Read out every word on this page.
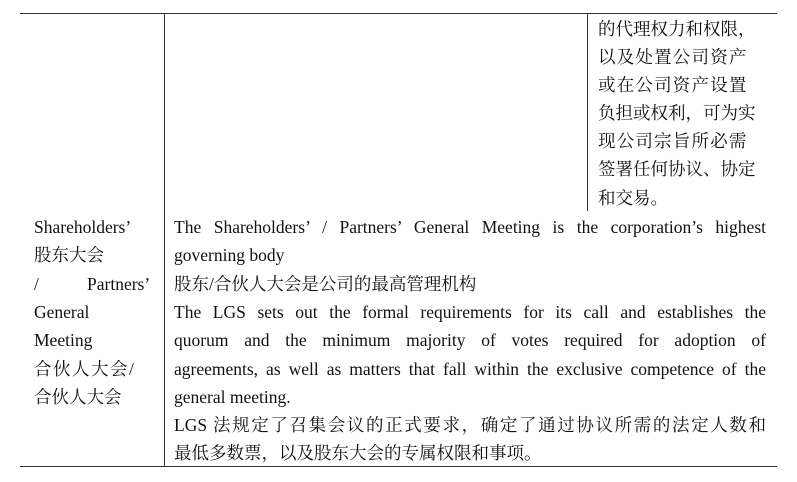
的代理权力和权限，
以及处置公司资产
或在公司资产设置
负担或权利，可为实
现公司宗旨所必需
签署任何协议、协定
和交易。
Shareholders’
股东大会
/	Partners’
General
Meeting
合伙人大会/
合伙人大会
The Shareholders’ / Partners’ General Meeting is the corporation’s highest
governing body
股东/合伙人大会是公司的最高管理机构
The LGS sets out the formal requirements for its call and establishes the
quorum and the minimum majority of votes required for adoption of
agreements, as well as matters that fall within the exclusive competence of the
general meeting.
LGS 法规定了召集会议的正式要求，确定了通过协议所需的法定人数和
最低多数票，以及股东大会的专属权限和事项。
